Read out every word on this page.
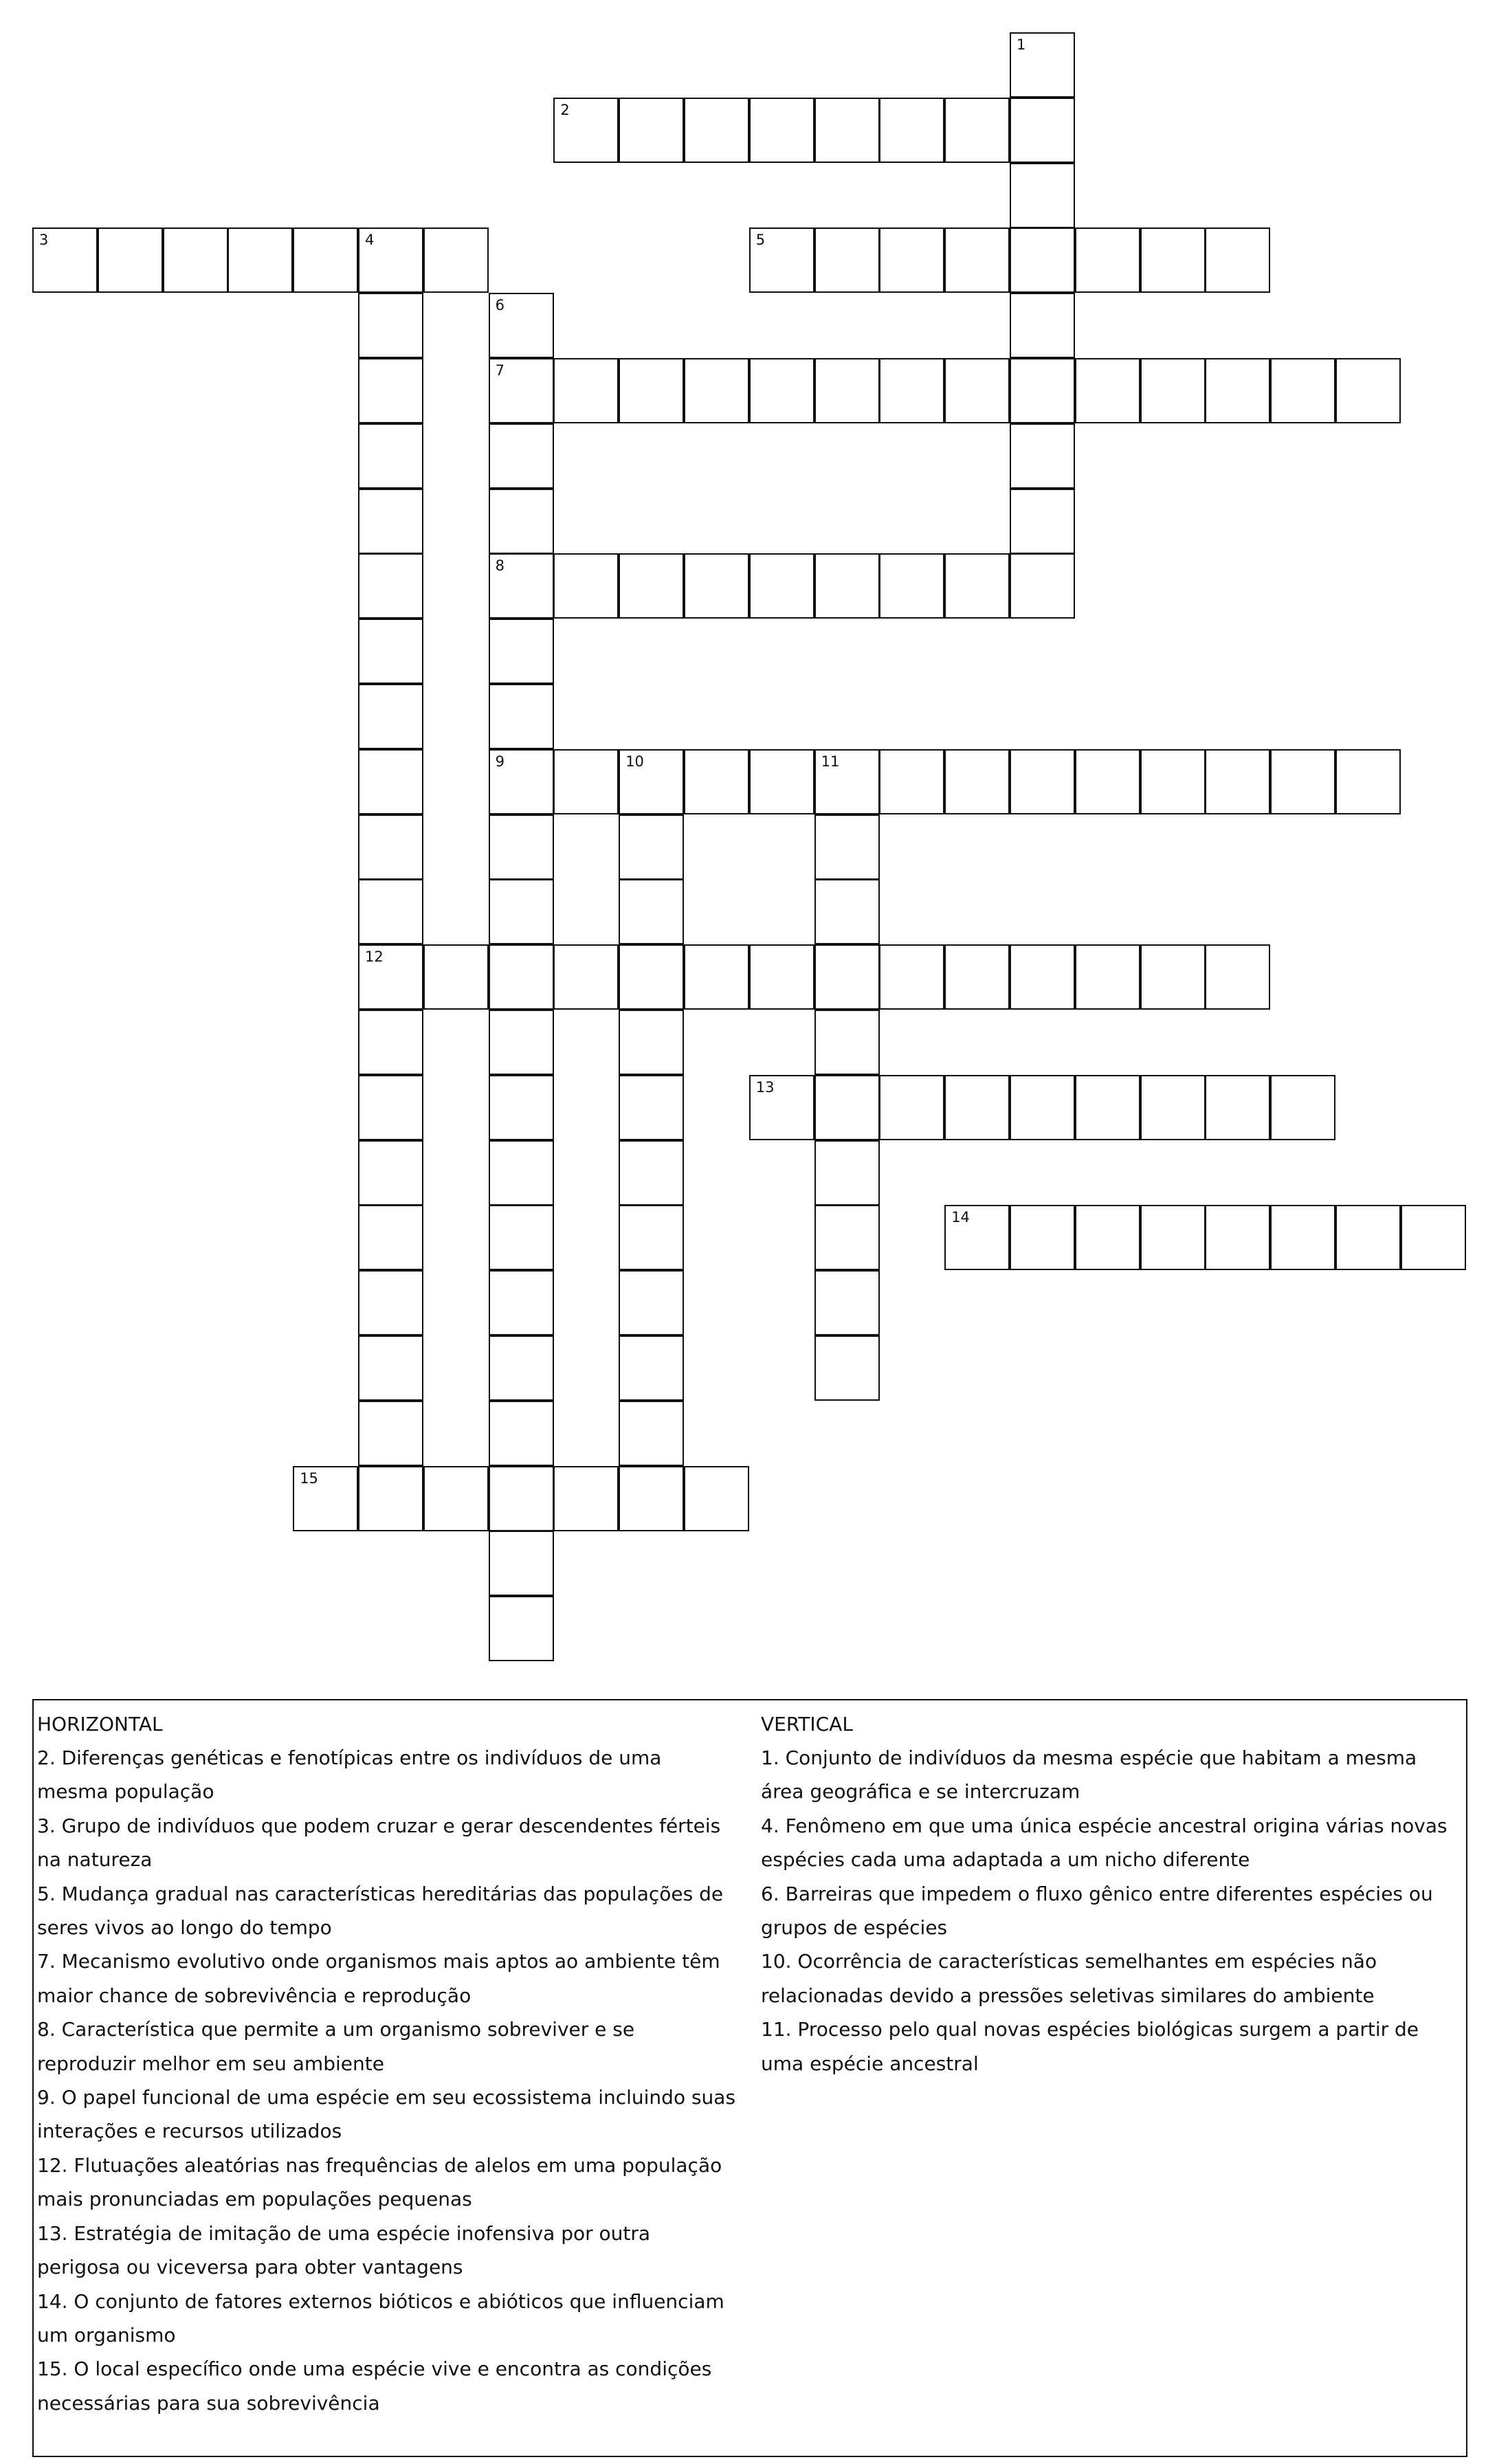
1
2
3	4
12
5
6
7
8
9	10	11
13
14
15
HORIZONTAL

2. Diferenças genéticas e fenotípicas entre os indivíduos de uma mesma população

3. Grupo de indivíduos que podem cruzar e gerar descendentes férteis na natureza

5. Mudança gradual nas características hereditárias das populações de seres vivos ao longo do tempo

7. Mecanismo evolutivo onde organismos mais aptos ao ambiente têm maior chance de sobrevivência e reprodução

8. Característica que permite a um organismo sobreviver e se reproduzir melhor em seu ambiente

9. O papel funcional de uma espécie em seu ecossistema incluindo suas interações e recursos utilizados

12. Flutuações aleatórias nas frequências de alelos em uma população mais pronunciadas em populações pequenas

13. Estratégia de imitação de uma espécie inofensiva por outra perigosa ou viceversa para obter vantagens

14. O conjunto de fatores externos bióticos e abióticos que influenciam um organismo

15. O local específico onde uma espécie vive e encontra as condições necessárias para sua sobrevivência

VERTICAL

1. Conjunto de indivíduos da mesma espécie que habitam a mesma área geográfica e se intercruzam

4. Fenômeno em que uma única espécie ancestral origina várias novas espécies cada uma adaptada a um nicho diferente

6. Barreiras que impedem o fluxo gênico entre diferentes espécies ou grupos de espécies

10. Ocorrência de características semelhantes em espécies não relacionadas devido a pressões seletivas similares do ambiente

11. Processo pelo qual novas espécies biológicas surgem a partir de uma espécie ancestral
